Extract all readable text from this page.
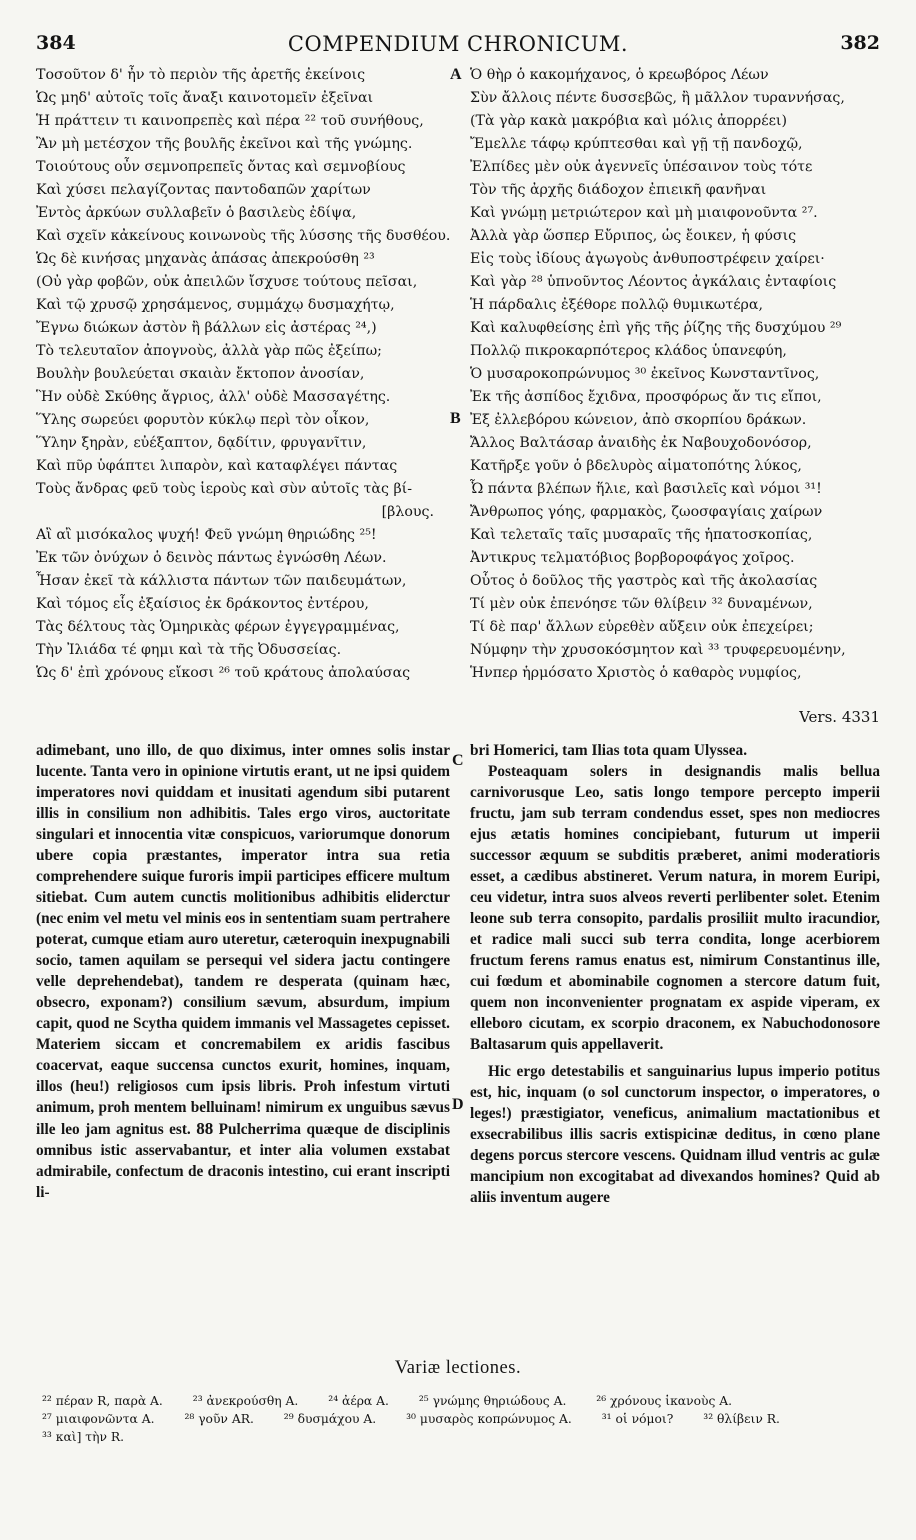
384	COMPENDIUM CHRONICUM.	382
Τοσοῦτον δ' ἦν τὸ περιὸν τῆς ἀρετῆς ἐκείνοις
Ὡς μηδ' αὐτοῖς τοῖς ἄναξι καινοτομεῖν ἐξεῖναι
Ἡ πράττειν τι καινοπρεπὲς καὶ πέρα ²² τοῦ συνήθους,
Ἂν μὴ μετέσχον τῆς βουλῆς ἐκεῖνοι καὶ τῆς γνώμης.
Τοιούτους οὖν σεμνοπρεπεῖς ὄντας καὶ σεμνοβίους
Καὶ χύσει πελαγίζοντας παντοδαπῶν χαρίτων
Ἐντὸς ἀρκύων συλλαβεῖν ὁ βασιλεὺς ἐδίψα,
Καὶ σχεῖν κἀκείνους κοινωνοὺς τῆς λύσσης τῆς δυσθέου.
Ὡς δὲ κινήσας μηχανὰς ἁπάσας ἀπεκρούσθη ²³
(Οὐ γὰρ φοβῶν, οὐκ ἀπειλῶν ἴσχυσε τούτους πεῖσαι,
Καὶ τῷ χρυσῷ χρησάμενος, συμμάχῳ δυσμαχήτῳ,
Ἔγνω διώκων ἀστὸν ἢ βάλλων εἰς ἀστέρας ²⁴,)
Τὸ τελευταῖον ἀπογνοὺς, ἀλλὰ γὰρ πῶς ἐξείπω;
Βουλὴν βουλεύεται σκαιὰν ἔκτοπον ἀνοσίαν,
Ἣν οὐδὲ Σκύθης ἄγριος, ἀλλ' οὐδὲ Μασσαγέτης.
Ὕλης σωρεύει φορυτὸν κύκλῳ περὶ τὸν οἶκον,
Ὕλην ξηρὰν, εὐέξαπτον, δᾳδίτιν, φρυγανῖτιν,
Καὶ πῦρ ὑφάπτει λιπαρὸν, καὶ καταφλέγει πάντας
Τοὺς ἄνδρας φεῦ τοὺς ἱεροὺς καὶ σὺν αὐτοῖς τὰς βί-
[βλους.
Αἲ αἲ μισόκαλος ψυχή! Φεῦ γνώμη θηριώδης ²⁵!
Ἐκ τῶν ὀνύχων ὁ δεινὸς πάντως ἐγνώσθη Λέων.
Ἦσαν ἐκεῖ τὰ κάλλιστα πάντων τῶν παιδευμάτων,
Καὶ τόμος εἷς ἐξαίσιος ἐκ δράκοντος ἐντέρου,
Τὰς δέλτους τὰς Ὁμηρικὰς φέρων ἐγγεγραμμένας,
Τὴν Ἰλιάδα τέ φημι καὶ τὰ τῆς Ὀδυσσείας.
Ὡς δ' ἐπὶ χρόνους εἴκοσι ²⁶ τοῦ κράτους ἀπολαύσας
Ὁ θὴρ ὁ κακομήχανος, ὁ κρεωβόρος Λέων
Σὺν ἄλλοις πέντε δυσσεβῶς, ἢ μᾶλλον τυραννήσας,
(Τὰ γὰρ κακὰ μακρόβια καὶ μόλις ἀπορρέει)
Ἔμελλε τάφῳ κρύπτεσθαι καὶ γῇ τῇ πανδοχῷ,
Ἐλπίδες μὲν οὐκ ἀγεννεῖς ὑπέσαινον τοὺς τότε
Τὸν τῆς ἀρχῆς διάδοχον ἐπιεικῆ φανῆναι
Καὶ γνώμῃ μετριώτερον καὶ μὴ μιαιφονοῦντα ²⁷.
Ἀλλὰ γὰρ ὥσπερ Εὔριπος, ὡς ἔοικεν, ἡ φύσις
Εἰς τοὺς ἰδίους ἀγωγοὺς ἀνθυποστρέφειν χαίρει·
Καὶ γὰρ ²⁸ ὑπνοῦντος Λέοντος ἀγκάλαις ἐνταφίοις
Ἡ πάρδαλις ἐξέθορε πολλῷ θυμικωτέρα,
Καὶ καλυφθείσης ἐπὶ γῆς τῆς ῥίζης τῆς δυσχύμου ²⁹
Πολλῷ πικροκαρπότερος κλάδος ὑπανεφύη,
Ὁ μυσαροκοπρώνυμος ³⁰ ἐκεῖνος Κωνσταντῖνος,
Ἐκ τῆς ἀσπίδος ἔχιδνα, προσφόρως ἄν τις εἴποι,
Ἐξ ἐλλεβόρου κώνειον, ἀπὸ σκορπίου δράκων.
Ἄλλος Βαλτάσαρ ἀναιδὴς ἐκ Ναβουχοδονόσορ,
Κατῆρξε γοῦν ὁ βδελυρὸς αἱματοπότης λύκος,
Ὦ πάντα βλέπων ἥλιε, καὶ βασιλεῖς καὶ νόμοι ³¹!
Ἄνθρωπος γόης, φαρμακὸς, ζωοσφαγίαις χαίρων
Καὶ τελεταῖς ταῖς μυσαραῖς τῆς ἡπατοσκοπίας,
Ἀντικρυς τελματόβιος βορβοροφάγος χοῖρος.
Οὗτος ὁ δοῦλος τῆς γαστρὸς καὶ τῆς ἀκολασίας
Τί μὲν οὐκ ἐπενόησε τῶν θλίβειν ³² δυναμένων,
Τί δὲ παρ' ἄλλων εὑρεθὲν αὔξειν οὐκ ἐπεχείρει;
Νύμφην τὴν χρυσοκόσμητον καὶ ³³ τρυφερευομένην,
Ἡνπερ ἡρμόσατο Χριστὸς ὁ καθαρὸς νυμφίος,
A
B
C
D
Vers. 4331

adimebant, uno illo, de quo diximus, inter omnes solis instar lucente. Tanta vero in opinione virtutis erant, ut ne ipsi quidem imperatores novi quiddam et inusitati agendum sibi putarent illis in consilium non adhibitis. Tales ergo viros, auctoritate singulari et innocentia vitæ conspicuos, variorumque donorum ubere copia præstantes, imperator intra sua retia comprehendere suique furoris impii participes efficere multum sitiebat. Cum autem cunctis molitionibus adhibitis eliderctur (nec enim vel metu vel minis eos in sententiam suam pertrahere poterat, cumque etiam auro uteretur, cæteroquin inexpugnabili socio, tamen aquilam se persequi vel sidera jactu contingere velle deprehendebat), tandem re desperata (quinam hæc, obsecro, exponam?) consilium sævum, absurdum, impium capit, quod ne Scytha quidem immanis vel Massagetes cepisset. Materiem siccam et concremabilem ex aridis fascibus coacervat, eaque succensa cunctos exurit, homines, inquam, illos (heu!) religiosos cum ipsis libris. Proh infestum virtuti animum, proh mentem belluinam! nimirum ex unguibus sævus ille leo jam agnitus est. 88 Pulcherrima quæque de disciplinis omnibus istic asservabantur, et inter alia volumen exstabat admirabile, confectum de draconis intestino, cui erant inscripti li-

bri Homerici, tam Ilias tota quam Ulyssea.

Posteaquam solers in designandis malis bellua carnivorusque Leo, satis longo tempore percepto imperii fructu, jam sub terram condendus esset, spes non mediocres ejus ætatis homines concipiebant, futurum ut imperii successor æquum se subditis præberet, animi moderatioris esset, a cædibus abstineret. Verum natura, in morem Euripi, ceu videtur, intra suos alveos reverti perlibenter solet. Etenim leone sub terra consopito, pardalis prosiliit multo iracundior, et radice mali succi sub terra condita, longe acerbiorem fructum ferens ramus enatus est, nimirum Constantinus ille, cui fœdum et abominabile cognomen a stercore datum fuit, quem non inconvenienter prognatam ex aspide viperam, ex elleboro cicutam, ex scorpio draconem, ex Nabuchodonosore Baltasarum quis appellaverit.

Hic ergo detestabilis et sanguinarius lupus imperio potitus est, hic, inquam (o sol cunctorum inspector, o imperatores, o leges!) præstigiator, veneficus, animalium mactationibus et exsecrabilibus illis sacris extispicinæ deditus, in cœno plane degens porcus stercore vescens. Quidnam illud ventris ac gulæ mancipium non excogitabat ad divexandos homines? Quid ab aliis inventum augere

Variæ lectiones.
²² πέραν R, παρὰ A. ²³ ἀνεκρούσθη A. ²⁴ ἀέρα A. ²⁵ γνώμης θηριώδους A. ²⁶ χρόνους ἱκανοὺς A.
²⁷ μιαιφονῶντα A. ²⁸ γοῦν AR. ²⁹ δυσμάχου A. ³⁰ μυσαρὸς κοπρώνυμος A. ³¹ οἱ νόμοι? ³² θλίβειν R.
³³ καὶ] τὴν R.
